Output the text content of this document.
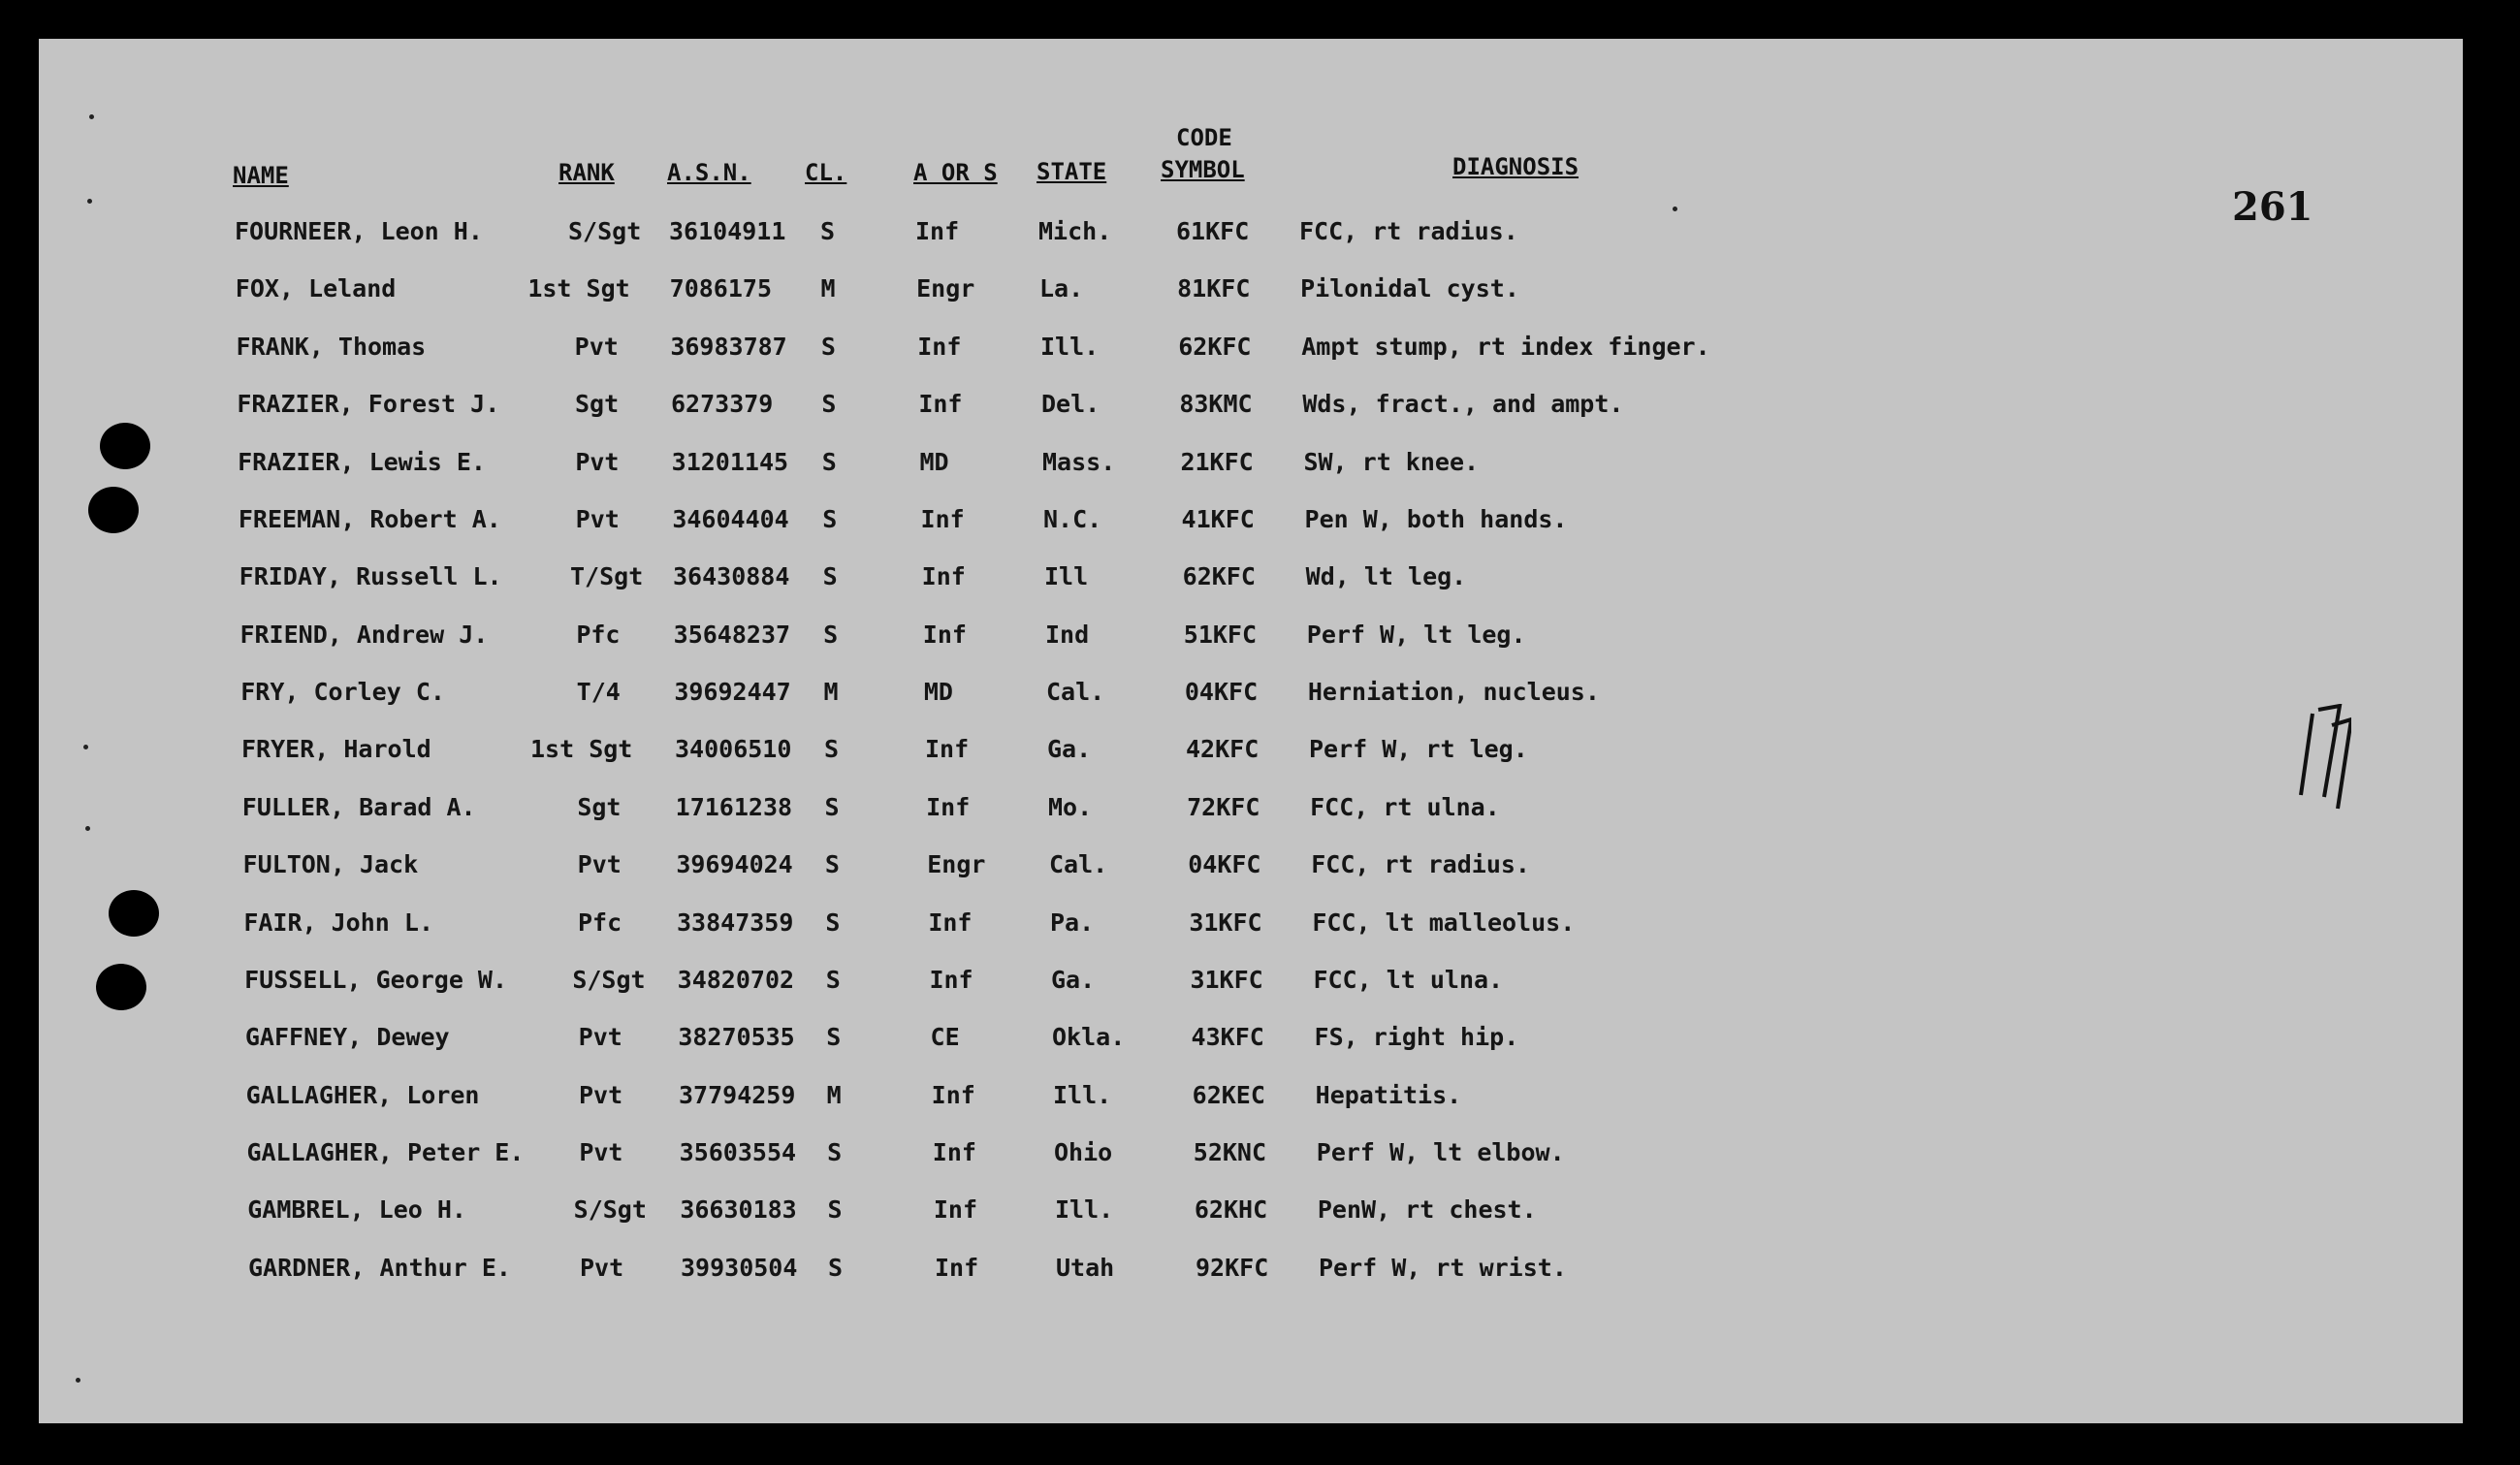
261
NAME	RANK A.S.N. CL.	A OR S STATE
CODE
SYMBOL	DIAGNOSIS
FOURNEER, Leon H.	S/Sgt 36104911 S	Inf	Mich.	61KFC FCC, rt radius.
FOX, Leland	1st Sgt 7086175 M	Engr	La.	81KFC Pilonidal cyst.
FRANK, Thomas	Pvt 36983787 S	Inf	Ill.	62KFC Ampt stump, rt index finger.
FRAZIER, Forest J.	Sgt 6273379 S	Inf	Del.	83KMC Wds, fract., and ampt.
FRAZIER, Lewis E.	Pvt 31201145 S	MD	Mass.	21KFC SW, rt knee.
FREEMAN, Robert A.	Pvt 34604404 S	Inf	N.C.	41KFC Pen W, both hands.
FRIDAY, Russell L.	T/Sgt 36430884 S	Inf	Ill	62KFC Wd, lt leg.
FRIEND, Andrew J.	Pfc 35648237 S	Inf	Ind	51KFC Perf W, lt leg.
FRY, Corley C.	T/4 39692447 M	MD	Cal.	04KFC Herniation, nucleus.
FRYER, Harold	1st Sgt 34006510 S	Inf	Ga.	42KFC Perf W, rt leg.
FULLER, Barad A.	Sgt 17161238 S	Inf	Mo.	72KFC FCC, rt ulna.
FULTON, Jack	Pvt 39694024 S	Engr	Cal.	04KFC FCC, rt radius.
FAIR, John L.	Pfc 33847359 S	Inf	Pa.	31KFC FCC, lt malleolus.
FUSSELL, George W.	S/Sgt 34820702 S	Inf	Ga.	31KFC FCC, lt ulna.
GAFFNEY, Dewey	Pvt 38270535 S	CE	Okla.	43KFC FS, right hip.
GALLAGHER, Loren	Pvt 37794259 M	Inf	Ill.	62KEC Hepatitis.
GALLAGHER, Peter E. Pvt 35603554 S	Inf	Ohio	52KNC Perf W, lt elbow.
GAMBREL, Leo H.	S/Sgt 36630183 S	Inf	Ill.	62KHC PenW, rt chest.
GARDNER, Anthur E.	Pvt 39930504 S	Inf	Utah	92KFC Perf W, rt wrist.
